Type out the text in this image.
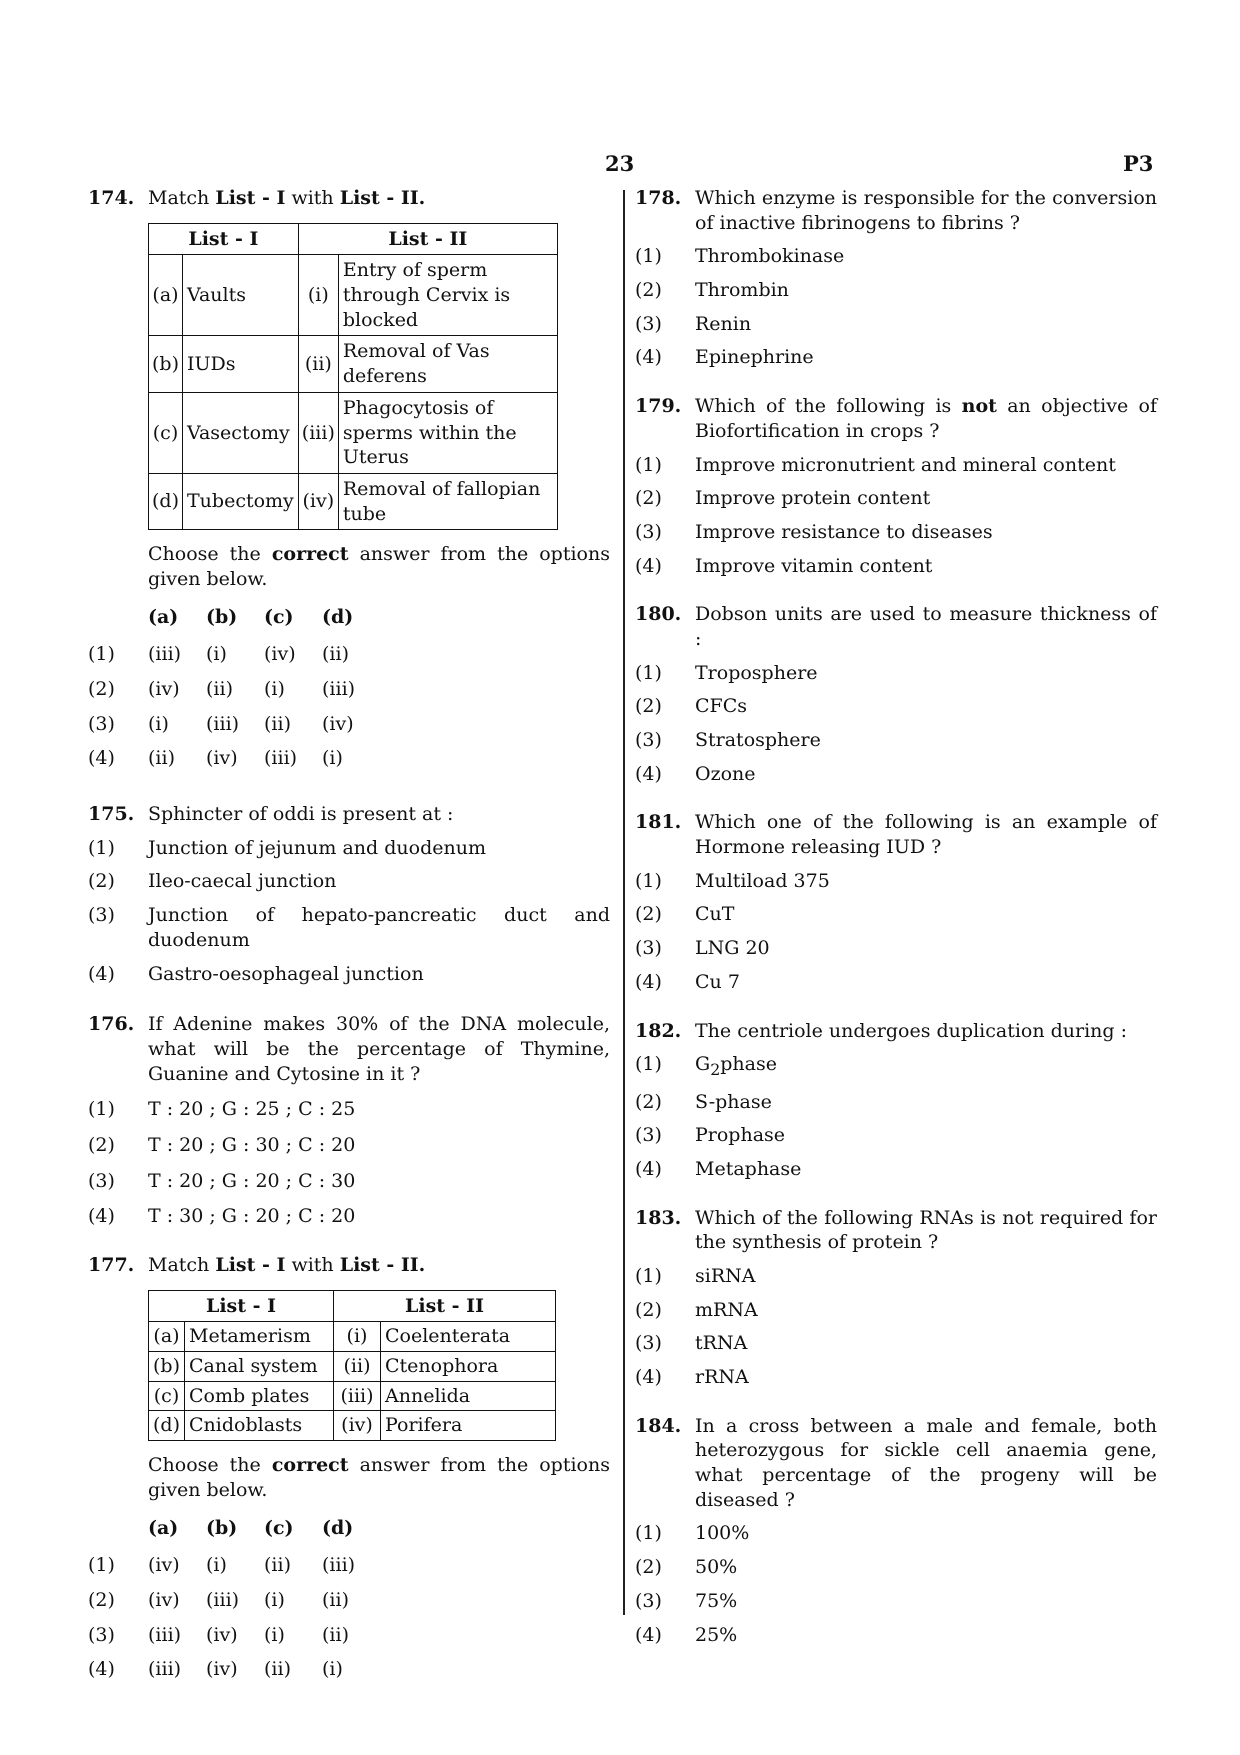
23	P3
174. Match List - I with List - II.
List - I		List - II	
(a)	Vaults	(i)	Entry of sperm through Cervix is blocked
(b)	IUDs	(ii)	Removal of Vas deferens
(c)	Vasectomy	(iii)	Phagocytosis of sperms within the Uterus
(d)	Tubectomy	(iv)	Removal of fallopian tube
Choose the correct answer from the options given below.
	(a)	(b)	(c)	(d)
(1)	(iii)	(i)	(iv)	(ii)
(2)	(iv)	(ii)	(i)	(iii)
(3)	(i)	(iii)	(ii)	(iv)
(4)	(ii)	(iv)	(iii)	(i)
175. Sphincter of oddi is present at :
(1) Junction of jejunum and duodenum
(2) Ileo-caecal junction
(3) Junction of hepato-pancreatic duct and duodenum
(4) Gastro-oesophageal junction
176. If Adenine makes 30% of the DNA molecule, what will be the percentage of Thymine, Guanine and Cytosine in it ?
(1) T : 20 ; G : 25 ; C : 25
(2) T : 20 ; G : 30 ; C : 20
(3) T : 20 ; G : 20 ; C : 30
(4) T : 30 ; G : 20 ; C : 20
177. Match List - I with List - II.
List - I		List - II	
(a)	Metamerism	(i)	Coelenterata
(b)	Canal system	(ii)	Ctenophora
(c)	Comb plates	(iii)	Annelida
(d)	Cnidoblasts	(iv)	Porifera
Choose the correct answer from the options given below.
	(a)	(b)	(c)	(d)
(1)	(iv)	(i)	(ii)	(iii)
(2)	(iv)	(iii)	(i)	(ii)
(3)	(iii)	(iv)	(i)	(ii)
(4)	(iii)	(iv)	(ii)	(i)
178. Which enzyme is responsible for the conversion of inactive fibrinogens to fibrins ?
(1) Thrombokinase
(2) Thrombin
(3) Renin
(4) Epinephrine
179. Which of the following is not an objective of Biofortification in crops ?
(1) Improve micronutrient and mineral content
(2) Improve protein content
(3) Improve resistance to diseases
(4) Improve vitamin content
180. Dobson units are used to measure thickness of :
(1) Troposphere
(2) CFCs
(3) Stratosphere
(4) Ozone
181. Which one of the following is an example of Hormone releasing IUD ?
(1) Multiload 375
(2) CuT
(3) LNG 20
(4) Cu 7
182. The centriole undergoes duplication during :
(1) $G_2phase$
(2) S-phase
(3) Prophase
(4) Metaphase
183. Which of the following RNAs is not required for the synthesis of protein ?
(1) siRNA
(2) mRNA
(3) tRNA
(4) rRNA
184. In a cross between a male and female, both heterozygous for sickle cell anaemia gene, what percentage of the progeny will be diseased ?
(1) 100%
(2) 50%
(3) 75%
(4) 25%
